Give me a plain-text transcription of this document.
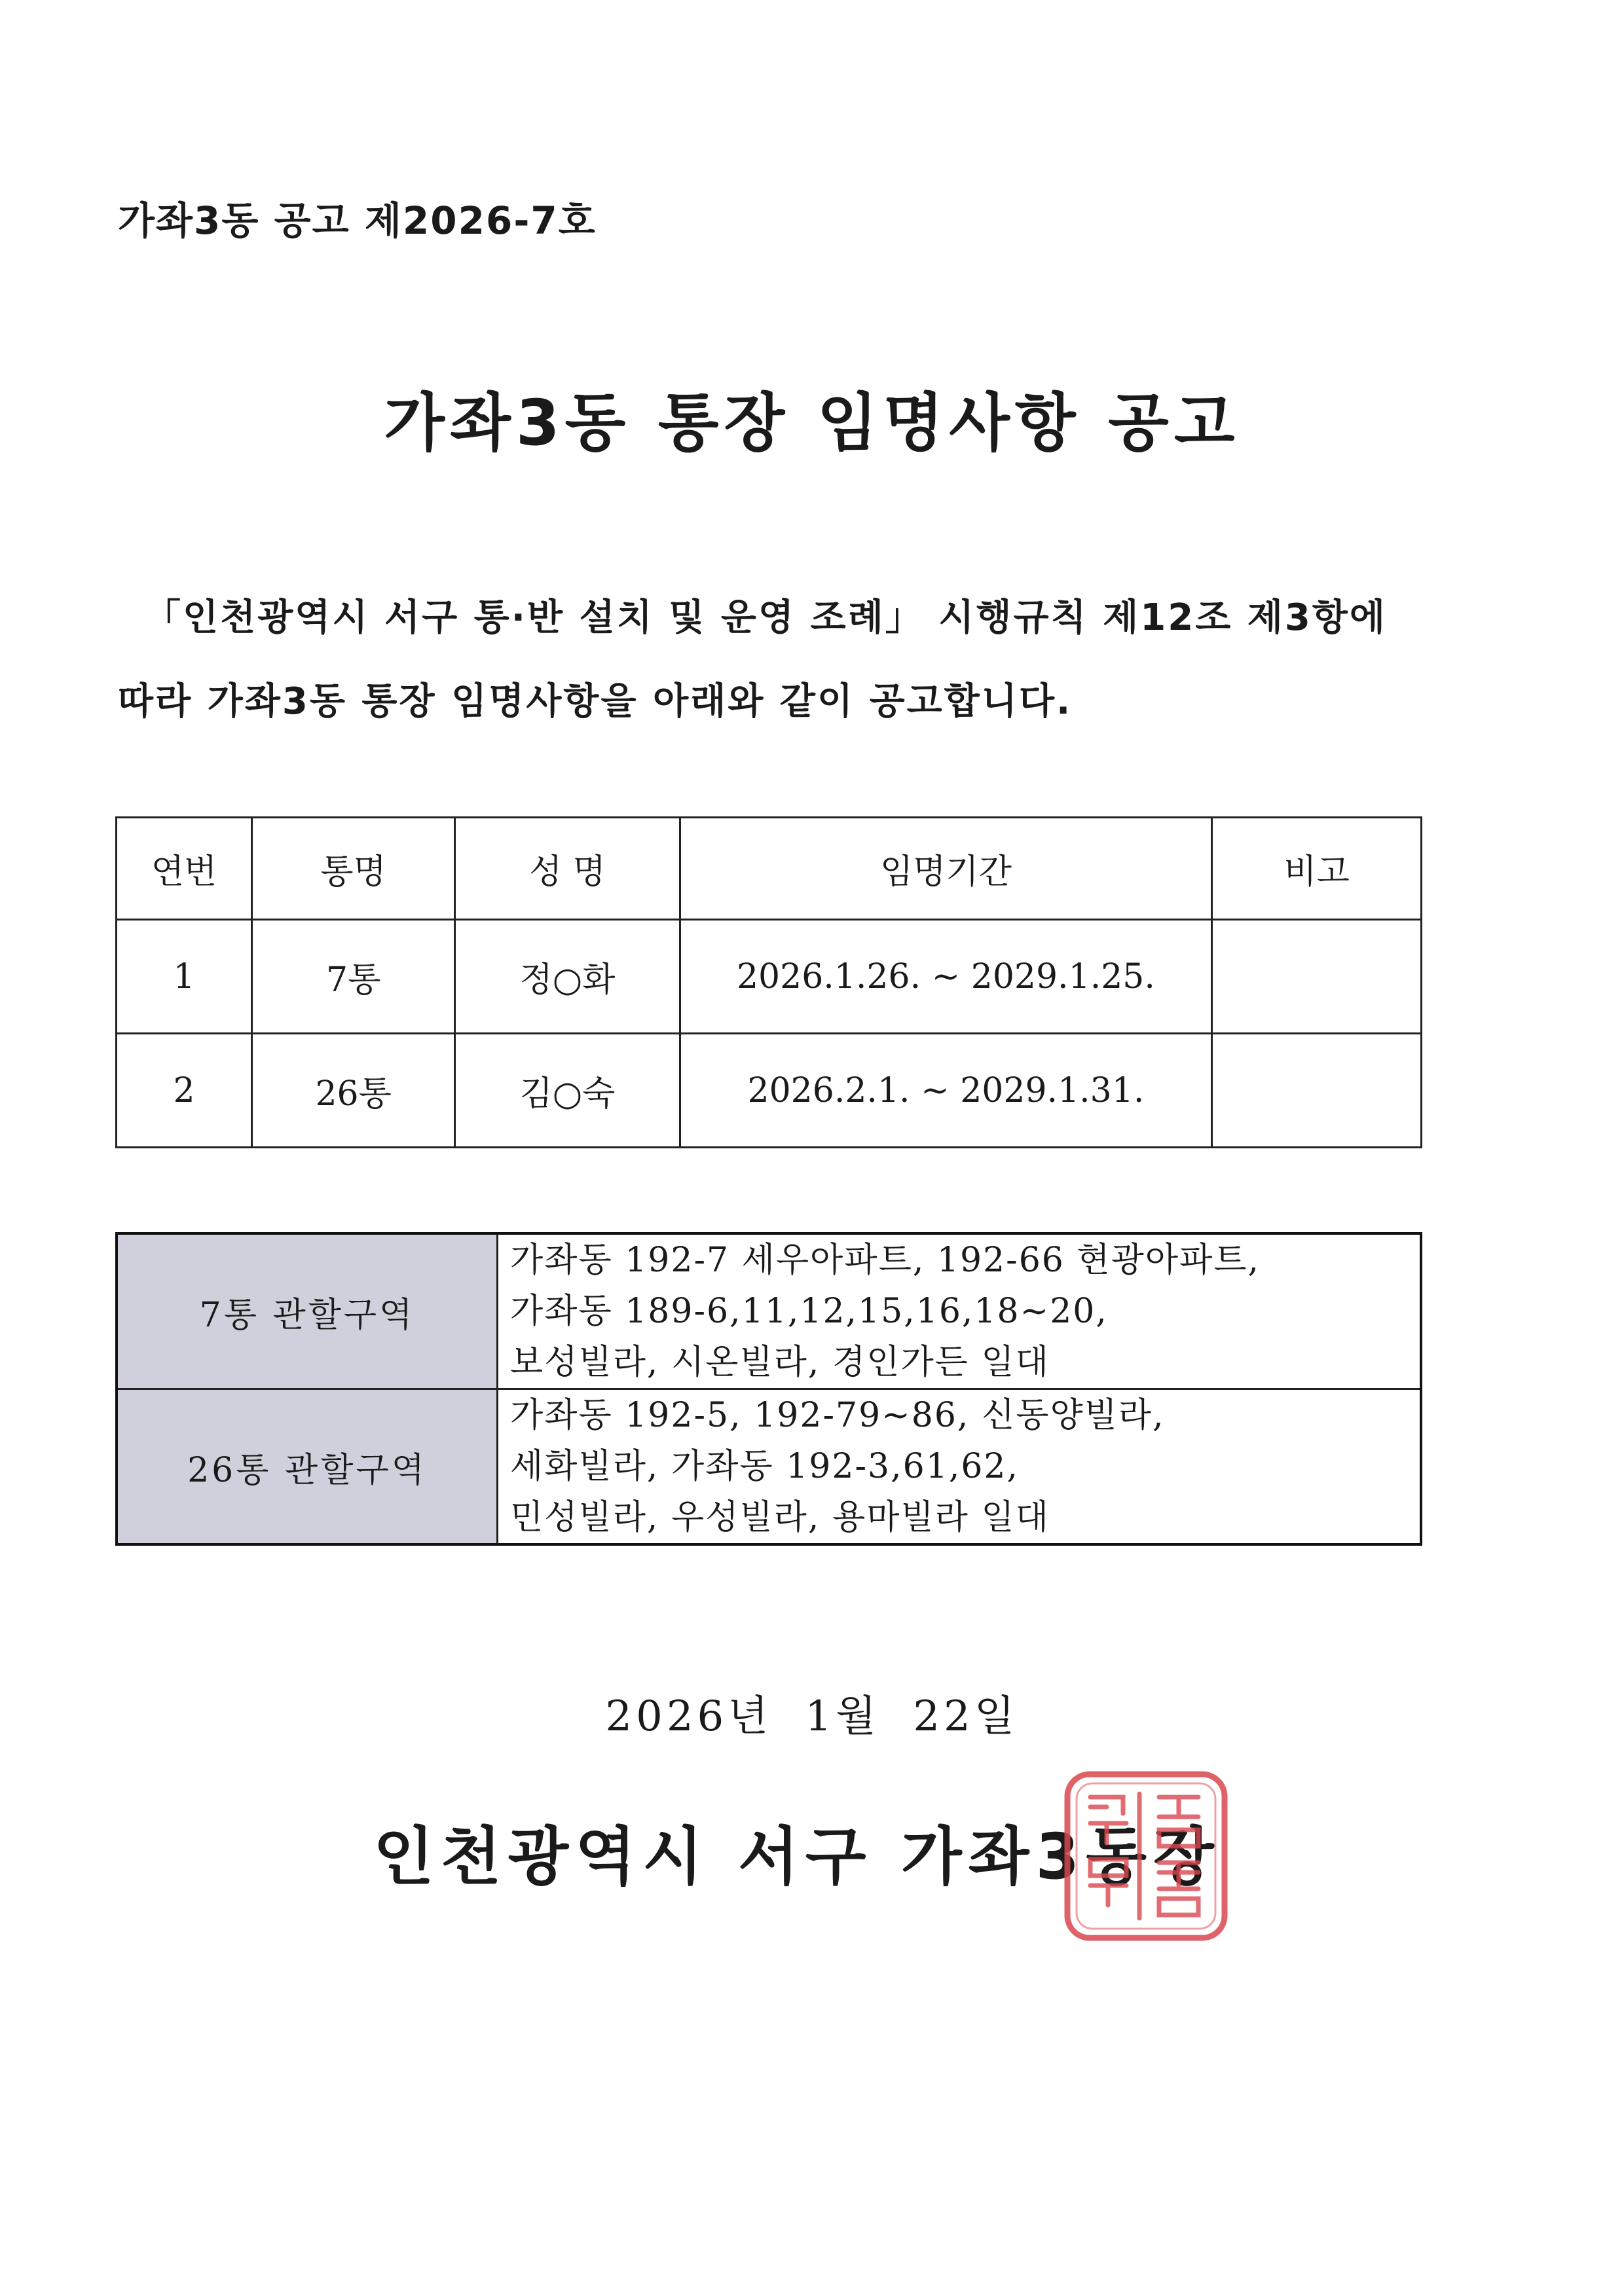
가좌3동 공고 제2026-7호
가좌3동 통장 임명사항 공고

「인천광역시 서구 통·반 설치 및 운영 조례」 시행규칙 제12조 제3항에

따라 가좌3동 통장 임명사항을 아래와 같이 공고합니다.

연번	통명	성 명	임명기간	비고
1	7통	정○화	2026.1.26. ~ 2029.1.25.	
2	26통	김○숙	2026.2.1. ~ 2029.1.31.	
7통 관할구역	가좌동 192-7 세우아파트, 192-66 현광아파트,
가좌동 189-6,11,12,15,16,18~20,
보성빌라, 시온빌라, 경인가든 일대

26통 관할구역	가좌동 192-5, 192-79~86, 신동양빌라,
세화빌라, 가좌동 192-3,61,62,
민성빌라, 우성빌라, 용마빌라 일대
2026년 1월 22일
인천광역시 서구 가좌3동장
